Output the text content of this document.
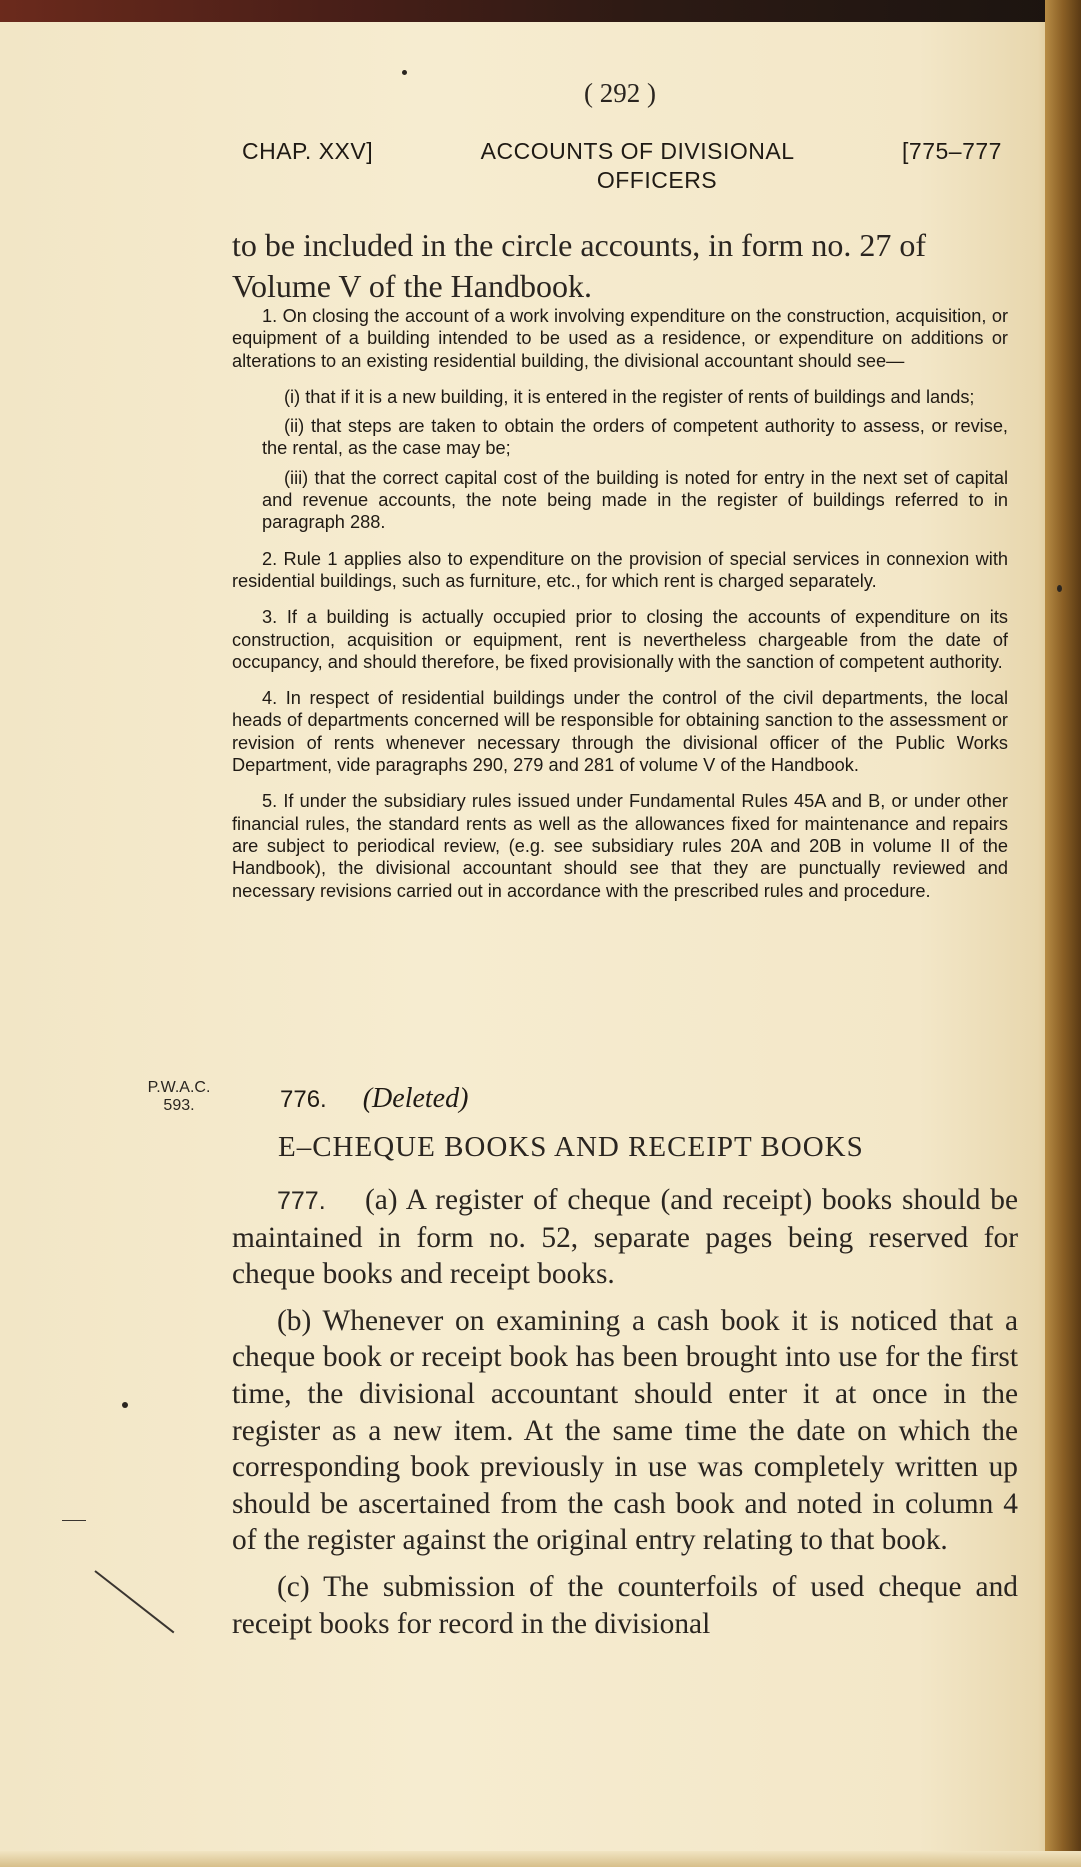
( 292 )
CHAP. XXV]	ACCOUNTS OF DIVISIONAL	[775–777
OFFICERS
to be included in the circle accounts, in form no. 27 of Volume V of the Handbook.

1. On closing the account of a work involving expenditure on the construction, acquisition, or equipment of a building intended to be used as a residence, or expenditure on additions or alterations to an existing residential building, the divisional accountant should see—

(i) that if it is a new building, it is entered in the register of rents of buildings and lands;

(ii) that steps are taken to obtain the orders of competent authority to assess, or revise, the rental, as the case may be;

(iii) that the correct capital cost of the building is noted for entry in the next set of capital and revenue accounts, the note being made in the register of buildings referred to in paragraph 288.

2. Rule 1 applies also to expenditure on the provision of special services in connexion with residential buildings, such as furniture, etc., for which rent is charged separately.

3. If a building is actually occupied prior to closing the accounts of expenditure on its construction, acquisition or equipment, rent is nevertheless chargeable from the date of occupancy, and should therefore, be fixed provisionally with the sanction of competent authority.

4. In respect of residential buildings under the control of the civil departments, the local heads of departments concerned will be responsible for obtaining sanction to the assessment or revision of rents whenever necessary through the divisional officer of the Public Works Department, vide paragraphs 290, 279 and 281 of volume V of the Handbook.

5. If under the subsidiary rules issued under Fundamental Rules 45A and B, or under other financial rules, the standard rents as well as the allowances fixed for maintenance and repairs are subject to periodical review, (e.g. see subsidiary rules 20A and 20B in volume II of the Handbook), the divisional accountant should see that they are punctually reviewed and necessary revisions carried out in accordance with the prescribed rules and procedure.

P.W.A.C.
593.	776. (Deleted)
E–CHEQUE BOOKS AND RECEIPT BOOKS

777. (a) A register of cheque (and receipt) books should be maintained in form no. 52, separate pages being reserved for cheque books and receipt books.

(b) Whenever on examining a cash book it is noticed that a cheque book or receipt book has been brought into use for the first time, the divisional accountant should enter it at once in the register as a new item. At the same time the date on which the corresponding book previously in use was completely written up should be ascertained from the cash book and noted in column 4 of the register against the original entry relating to that book.

(c) The submission of the counterfoils of used cheque and receipt books for record in the divisional
